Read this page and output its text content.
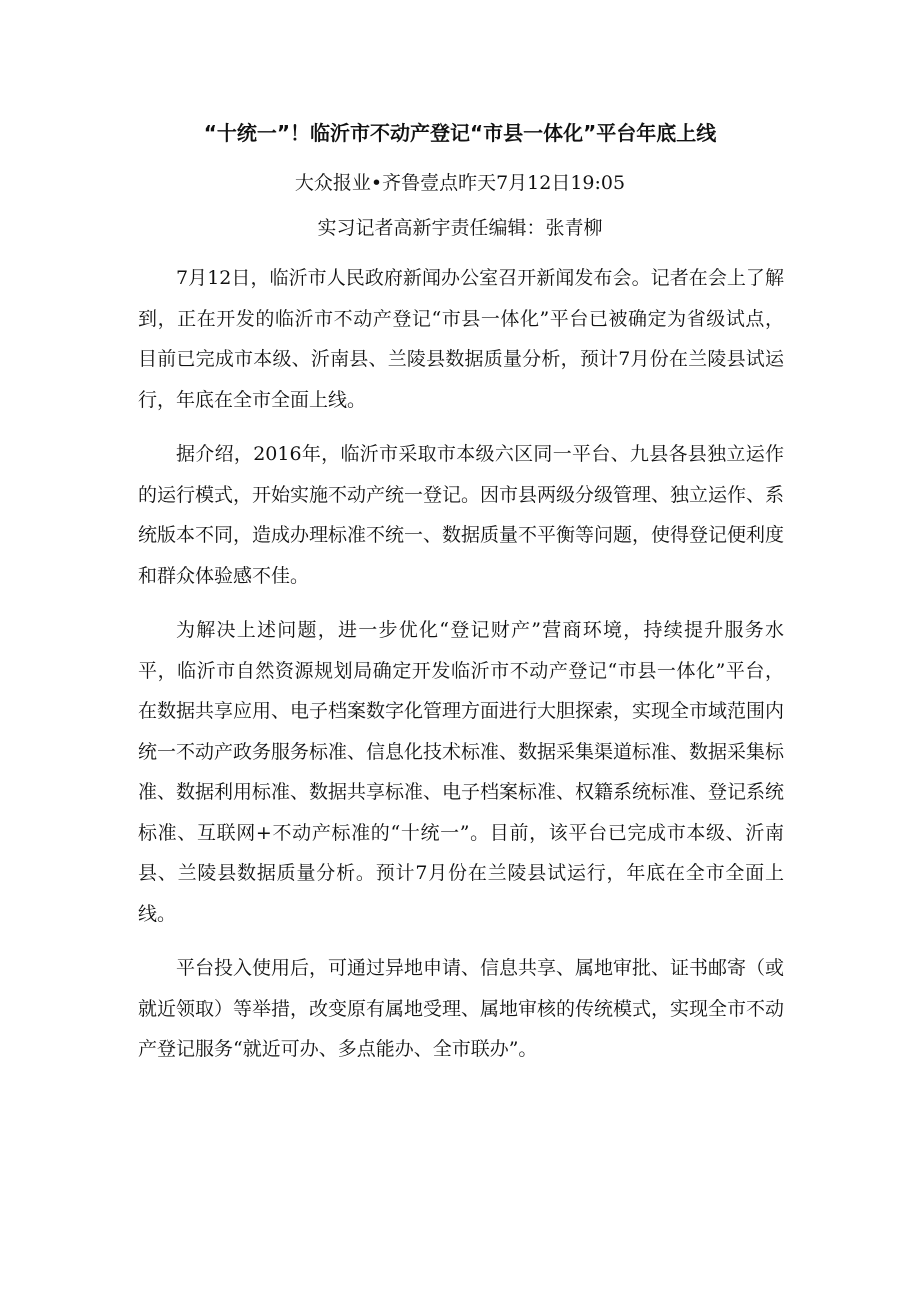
“十统一”！临沂市不动产登记“市县一体化”平台年底上线
大众报业•齐鲁壹点昨天7月12日19:05
实习记者高新宇责任编辑：张青柳

7月12日，临沂市人民政府新闻办公室召开新闻发布会。记者在会上了解到，正在开发的临沂市不动产登记“市县一体化”平台已被确定为省级试点，目前已完成市本级、沂南县、兰陵县数据质量分析，预计7月份在兰陵县试运行，年底在全市全面上线。

据介绍，2016年，临沂市采取市本级六区同一平台、九县各县独立运作的运行模式，开始实施不动产统一登记。因市县两级分级管理、独立运作、系统版本不同，造成办理标准不统一、数据质量不平衡等问题，使得登记便利度和群众体验感不佳。

为解决上述问题，进一步优化“登记财产”营商环境，持续提升服务水平，临沂市自然资源规划局确定开发临沂市不动产登记“市县一体化”平台，在数据共享应用、电子档案数字化管理方面进行大胆探索，实现全市域范围内统一不动产政务服务标准、信息化技术标准、数据采集渠道标准、数据采集标准、数据利用标准、数据共享标准、电子档案标准、权籍系统标准、登记系统标准、互联网+不动产标准的“十统一”。目前，该平台已完成市本级、沂南县、兰陵县数据质量分析。预计7月份在兰陵县试运行，年底在全市全面上线。

平台投入使用后，可通过异地申请、信息共享、属地审批、证书邮寄（或就近领取）等举措，改变原有属地受理、属地审核的传统模式，实现全市不动产登记服务“就近可办、多点能办、全市联办”。
